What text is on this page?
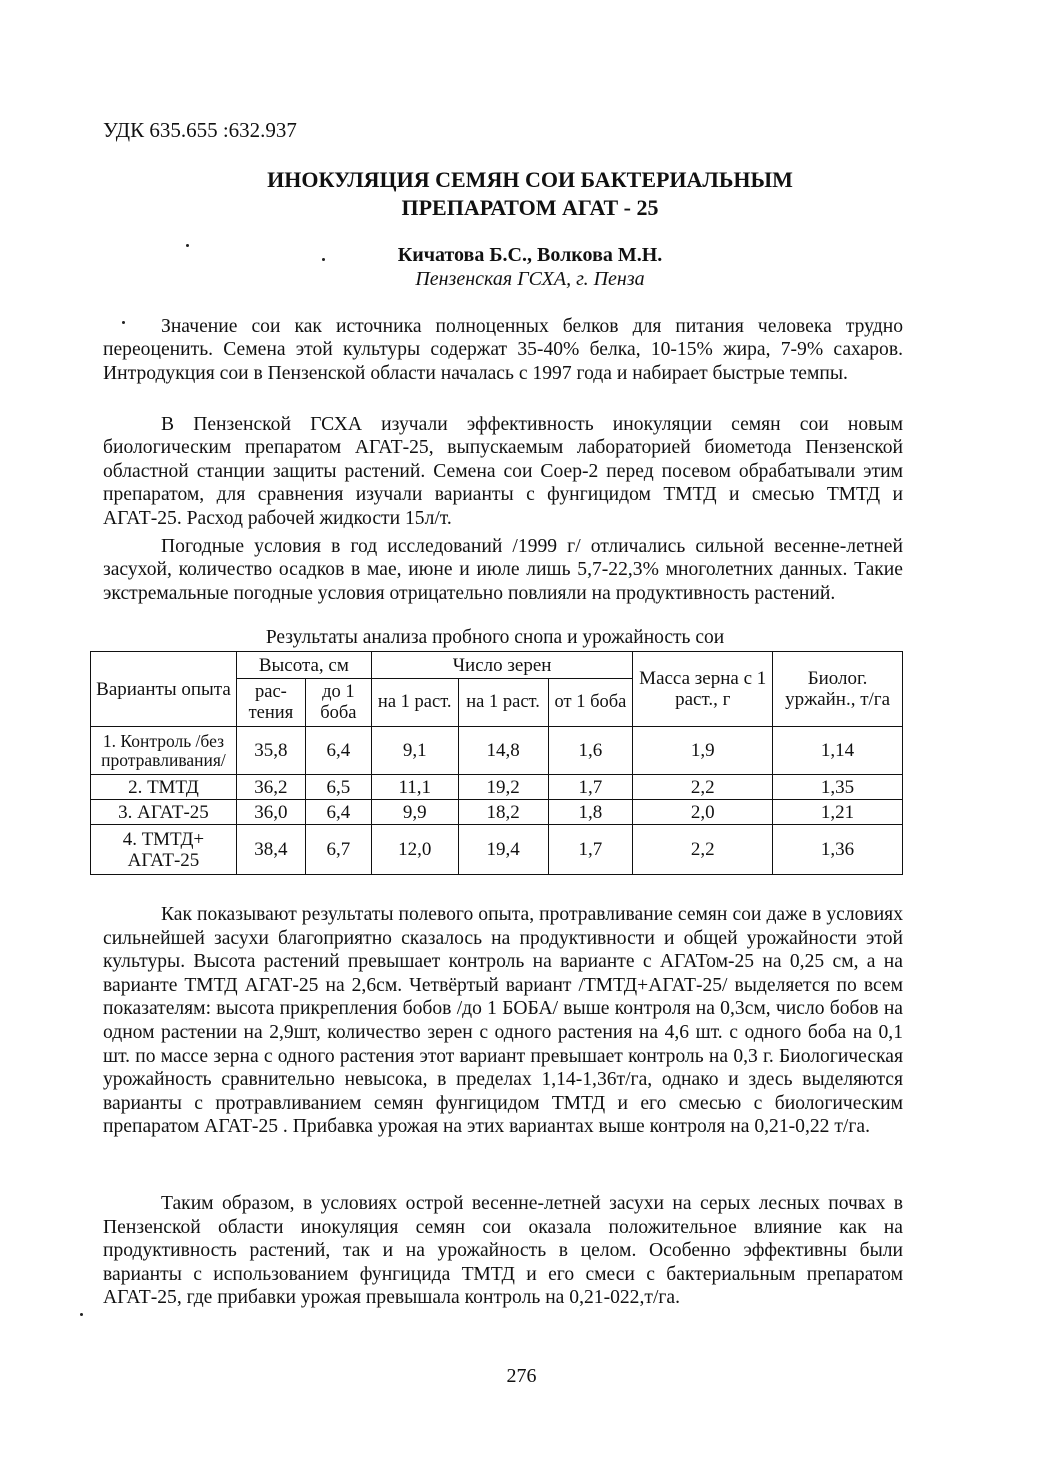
УДК 635.655 :632.937
ИНОКУЛЯЦИЯ СЕМЯН СОИ БАКТЕРИАЛЬНЫМ
ПРЕПАРАТОМ АГАТ - 25
Кичатова Б.С., Волкова М.Н.
Пензенская ГСХА, г. Пенза

Значение сои как источника полноценных белков для питания человека трудно переоценить. Семена этой культуры содержат 35-40% белка, 10-15% жира, 7-9% сахаров. Интродукция сои в Пензенской области началась с 1997 года и набирает быстрые темпы.

В Пензенской ГСХА изучали эффективность инокуляции семян сои новым биологическим препаратом АГАТ-25, выпускаемым лабораторией биометода Пензенской областной станции защиты растений. Семена сои Соер-2 перед посевом обрабатывали этим препаратом, для сравнения изучали варианты с фунгицидом ТМТД и смесью ТМТД и АГАТ-25. Расход рабочей жидкости 15л/т.

Погодные условия в год исследований /1999 г/ отличались сильной весенне-летней засухой, количество осадков в мае, июне и июле лишь 5,7-22,3% многолетних данных. Такие экстремальные погодные условия отрицательно повлияли на продуктивность растений.

Результаты анализа пробного снопа и урожайность сои
Варианты опыта	Высота, см		Число зерен			Масса зерна с 1 раст., г	Биолог. уржайн., т/га
	рас-тения	до 1 боба	на 1 раст.	на 1 раст.	от 1 боба		
1. Контроль /без протравливания/	35,8	6,4	9,1	14,8	1,6	1,9	1,14
2. ТМТД	36,2	6,5	11,1	19,2	1,7	2,2	1,35
3. АГАТ-25	36,0	6,4	9,9	18,2	1,8	2,0	1,21
4. ТМТД+ АГАТ-25	38,4	6,7	12,0	19,4	1,7	2,2	1,36

Как показывают результаты полевого опыта, протравливание семян сои даже в условиях сильнейшей засухи благоприятно сказалось на продуктивности и общей урожайности этой культуры. Высота растений превышает контроль на варианте с АГАТом-25 на 0,25 см, а на варианте ТМТД АГАТ-25 на 2,6см. Четвёртый вариант /ТМТД+АГАТ-25/ выделяется по всем показателям: высота прикрепления бобов /до 1 БОБА/ выше контроля на 0,3см, число бобов на одном растении на 2,9шт, количество зерен с одного растения на 4,6 шт. с одного боба на 0,1 шт. по массе зерна с одного растения этот вариант превышает контроль на 0,3 г. Биологическая урожайность сравнительно невысока, в пределах 1,14-1,36т/га, однако и здесь выделяются варианты с протравливанием семян фунгицидом ТМТД и его смесью с биологическим препаратом АГАТ-25 . Прибавка урожая на этих вариантах выше контроля на 0,21-0,22 т/га.

Таким образом, в условиях острой весенне-летней засухи на серых лесных почвах в Пензенской области инокуляция семян сои оказала положительное влияние как на продуктивность растений, так и на урожайность в целом. Особенно эффективны были варианты с использованием фунгицида ТМТД и его смеси с бактериальным препаратом АГАТ-25, где прибавки урожая превышала контроль на 0,21-022,т/га.

276
